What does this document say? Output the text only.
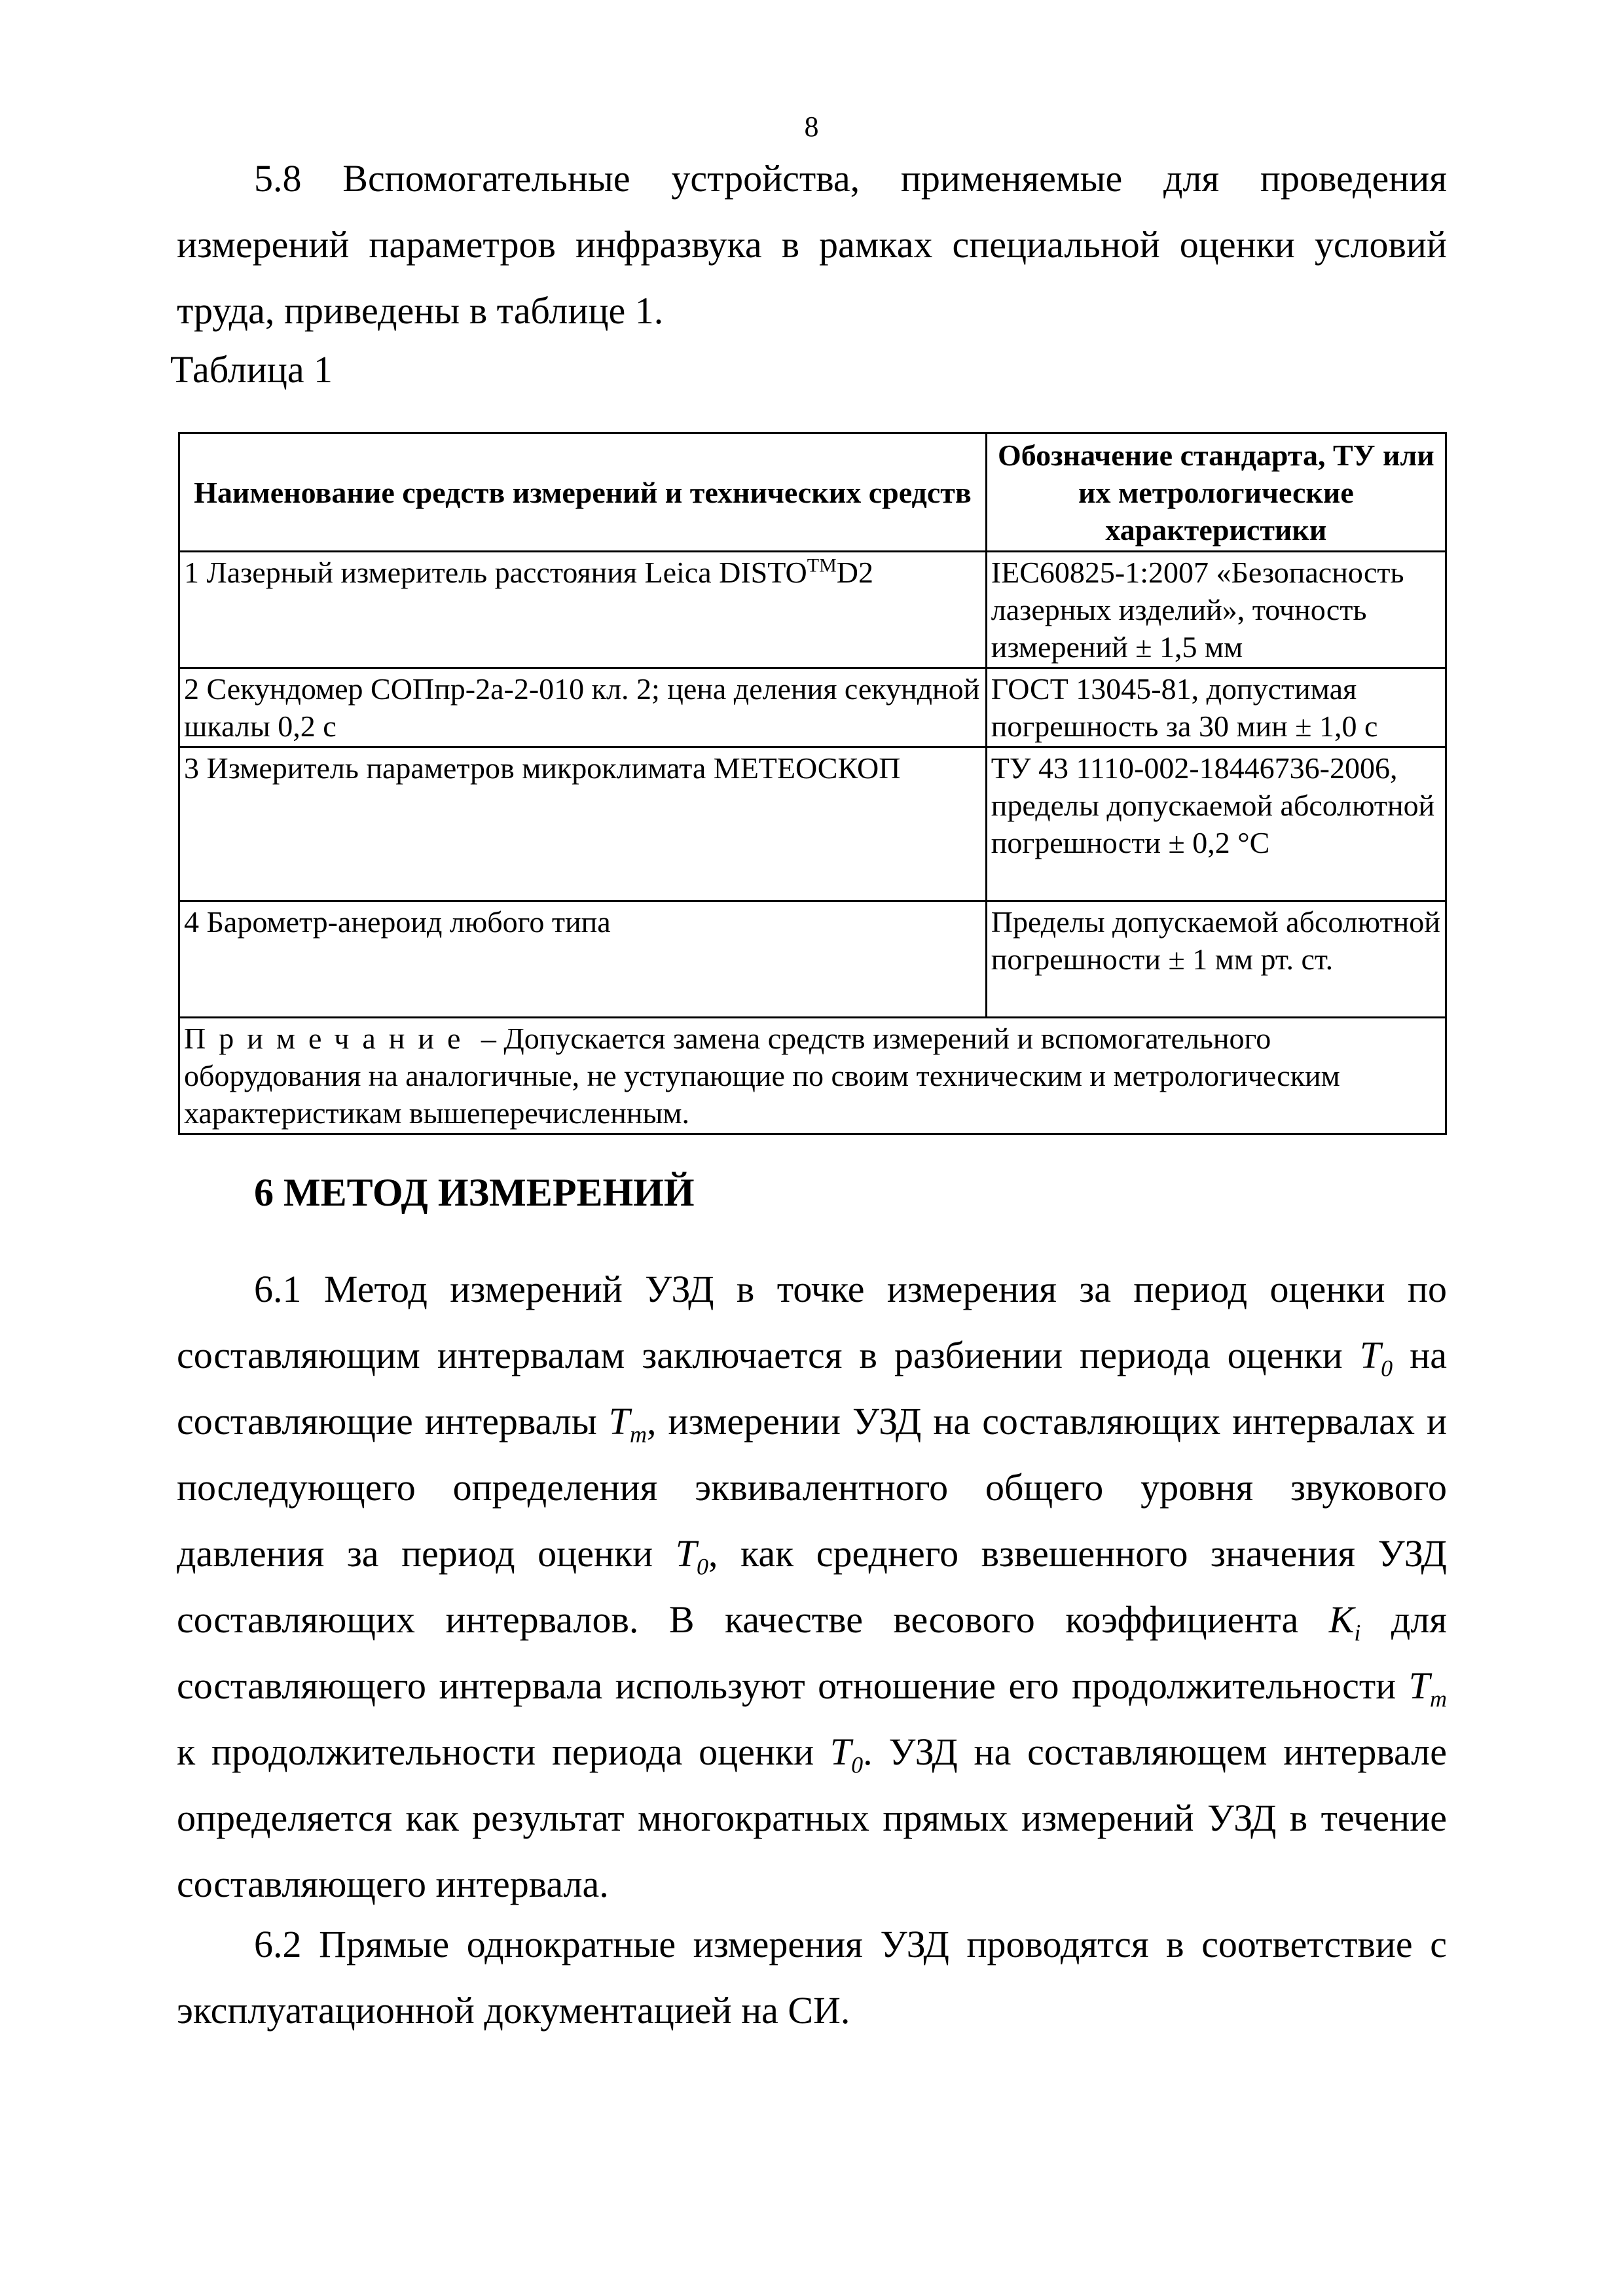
8

5.8 Вспомогательные устройства, применяемые для проведения измерений параметров инфразвука в рамках специальной оценки условий труда, приведены в таблице 1.

Таблица 1

Наименование средств измерений и технических средств	Обозначение стандарта, ТУ или их метрологические характеристики
1 Лазерный измеритель расстояния Leica DISTO™D2	IEC60825-1:2007 «Безопасность лазерных изделий», точность измерений ± 1,5 мм
2 Секундомер СОПпр-2а-2-010 кл. 2; цена деления секундной шкалы 0,2 с	ГОСТ 13045-81, допустимая погрешность за 30 мин ± 1,0 с
3 Измеритель параметров микроклимата МЕТЕОСКОП	ТУ 43 1110-002-18446736-2006, пределы допускаемой абсолютной погрешности ± 0,2 °С
4 Барометр-анероид любого типа	Пределы допускаемой абсолютной погрешности ± 1 мм рт. ст.
Примечание – Допускается замена средств измерений и вспомогательного оборудования на аналогичные, не уступающие по своим техническим и метрологическим характеристикам вышеперечисленным.	
6 МЕТОД ИЗМЕРЕНИЙ

6.1 Метод измерений УЗД в точке измерения за период оценки по составляющим интервалам заключается в разбиении периода оценки $T_0$ на составляющие интервалы $T_m$, измерении УЗД на составляющих интервалах и последующего определения эквивалентного общего уровня звукового давления за период оценки $T_0$, как среднего взвешенного значения УЗД составляющих интервалов. В качестве весового коэффициента $K_i$ для составляющего интервала используют отношение его продолжительности $T_m$ к продолжительности периода оценки $T_0$. УЗД на составляющем интервале определяется как результат многократных прямых измерений УЗД в течение составляющего интервала.

6.2 Прямые однократные измерения УЗД проводятся в соответствие с эксплуатационной документацией на СИ.
